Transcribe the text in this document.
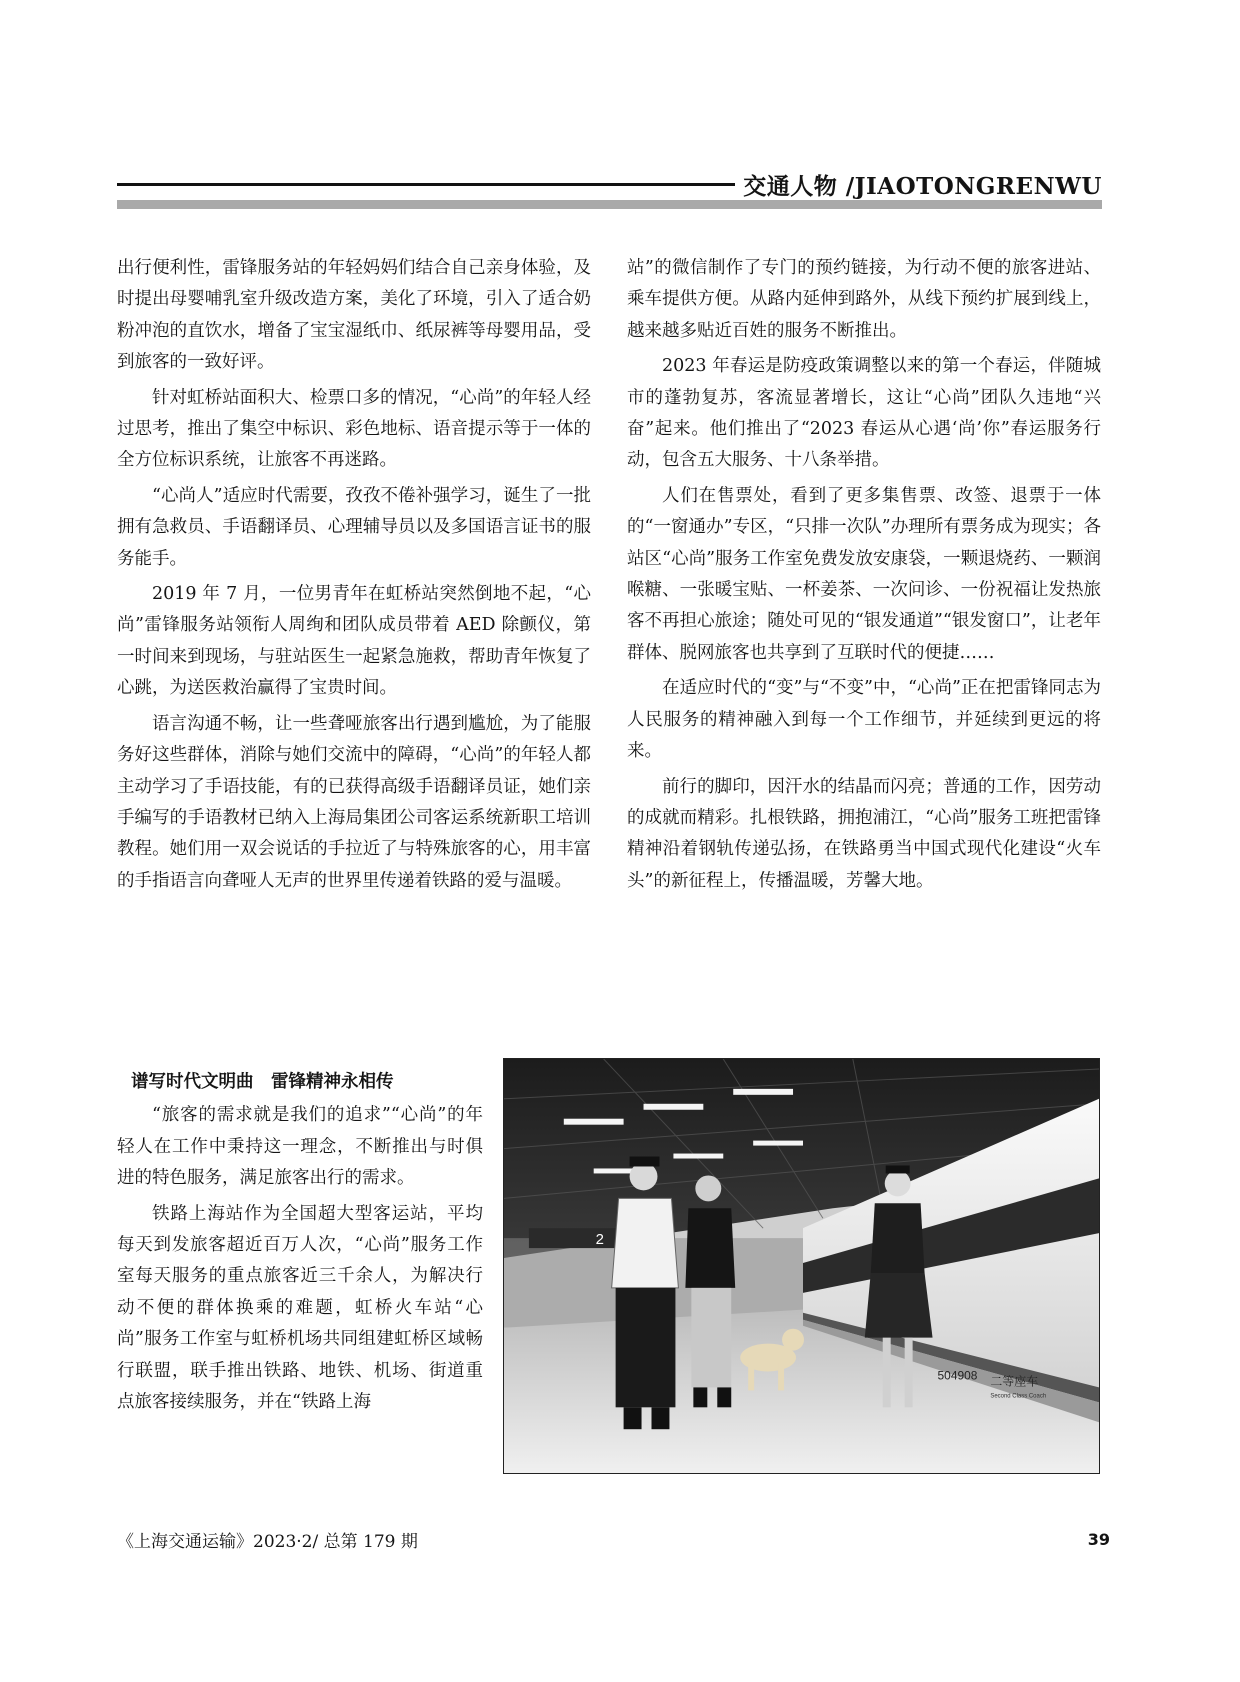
交通人物 /JIAOTONGRENWU

出行便利性，雷锋服务站的年轻妈妈们结合自己亲身体验，及时提出母婴哺乳室升级改造方案，美化了环境，引入了适合奶粉冲泡的直饮水，增备了宝宝湿纸巾、纸尿裤等母婴用品，受到旅客的一致好评。

针对虹桥站面积大、检票口多的情况，“心尚”的年轻人经过思考，推出了集空中标识、彩色地标、语音提示等于一体的全方位标识系统，让旅客不再迷路。

“心尚人”适应时代需要，孜孜不倦补强学习，诞生了一批拥有急救员、手语翻译员、心理辅导员以及多国语言证书的服务能手。

2019 年 7 月，一位男青年在虹桥站突然倒地不起，“心尚”雷锋服务站领衔人周绚和团队成员带着 AED 除颤仪，第一时间来到现场，与驻站医生一起紧急施救，帮助青年恢复了心跳，为送医救治赢得了宝贵时间。

语言沟通不畅，让一些聋哑旅客出行遇到尴尬，为了能服务好这些群体，消除与她们交流中的障碍，“心尚”的年轻人都主动学习了手语技能，有的已获得高级手语翻译员证，她们亲手编写的手语教材已纳入上海局集团公司客运系统新职工培训教程。她们用一双会说话的手拉近了与特殊旅客的心，用丰富的手指语言向聋哑人无声的世界里传递着铁路的爱与温暖。

谱写时代文明曲　雷锋精神永相传

“旅客的需求就是我们的追求”“心尚”的年轻人在工作中秉持这一理念，不断推出与时俱进的特色服务，满足旅客出行的需求。

铁路上海站作为全国超大型客运站，平均每天到发旅客超近百万人次，“心尚”服务工作室每天服务的重点旅客近三千余人，为解决行动不便的群体换乘的难题，虹桥火车站“心尚”服务工作室与虹桥机场共同组建虹桥区域畅行联盟，联手推出铁路、地铁、机场、街道重点旅客接续服务，并在“铁路上海

站”的微信制作了专门的预约链接，为行动不便的旅客进站、乘车提供方便。从路内延伸到路外，从线下预约扩展到线上，越来越多贴近百姓的服务不断推出。

2023 年春运是防疫政策调整以来的第一个春运，伴随城市的蓬勃复苏，客流显著增长，这让“心尚”团队久违地“兴奋”起来。他们推出了“2023 春运从心遇‘尚’你”春运服务行动，包含五大服务、十八条举措。

人们在售票处，看到了更多集售票、改签、退票于一体的“一窗通办”专区，“只排一次队”办理所有票务成为现实；各站区“心尚”服务工作室免费发放安康袋，一颗退烧药、一颗润喉糖、一张暖宝贴、一杯姜茶、一次问诊、一份祝福让发热旅客不再担心旅途；随处可见的“银发通道”“银发窗口”，让老年群体、脱网旅客也共享到了互联时代的便捷……

在适应时代的“变”与“不变”中，“心尚”正在把雷锋同志为人民服务的精神融入到每一个工作细节，并延续到更远的将来。

前行的脚印，因汗水的结晶而闪亮；普通的工作，因劳动的成就而精彩。扎根铁路，拥抱浦江，“心尚”服务工班把雷锋精神沿着钢轨传递弘扬，在铁路勇当中国式现代化建设“火车头”的新征程上，传播温暖，芳馨大地。

2
504908 二等座车
Second Class Coach
《上海交通运输》2023·2/ 总第 179 期	39
